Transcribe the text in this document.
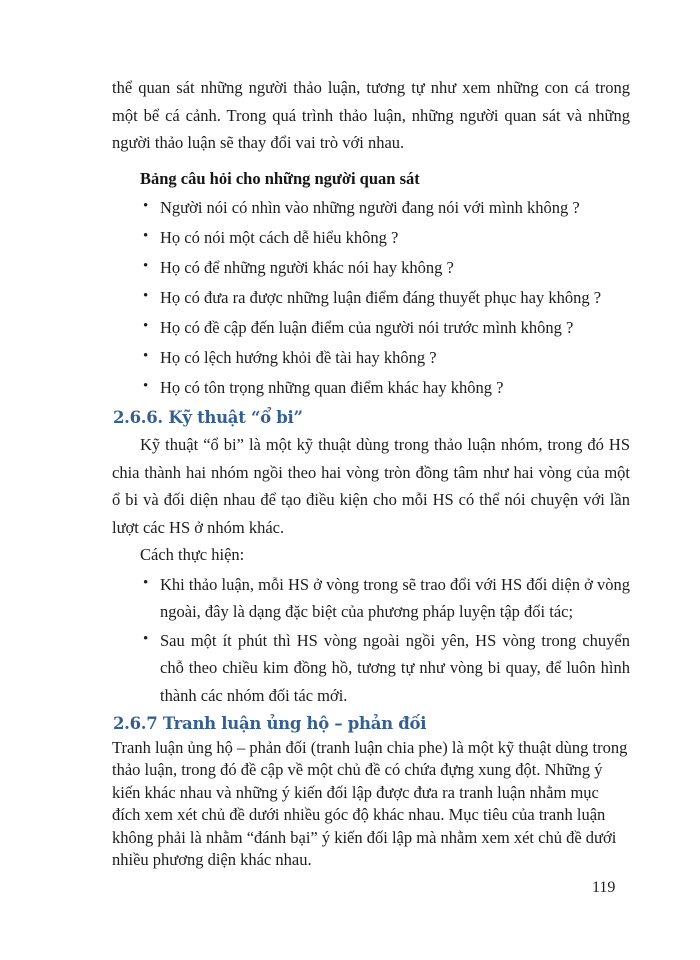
thể quan sát những người thảo luận, tương tự như xem những con cá trong một bể cá cảnh. Trong quá trình thảo luận, những người quan sát và những người thảo luận sẽ thay đổi vai trò với nhau.

Bảng câu hỏi cho những người quan sát
• Người nói có nhìn vào những người đang nói với mình không ?
• Họ có nói một cách dễ hiểu không ?
• Họ có để những người khác nói hay không ?
• Họ có đưa ra được những luận điểm đáng thuyết phục hay không ?
• Họ có đề cập đến luận điểm của người nói trước mình không ?
• Họ có lệch hướng khỏi đề tài hay không ?
• Họ có tôn trọng những quan điểm khác hay không ?
2.6.6. Kỹ thuật “ổ bi”

Kỹ thuật “ổ bi” là một kỹ thuật dùng trong thảo luận nhóm, trong đó HS chia thành hai nhóm ngồi theo hai vòng tròn đồng tâm như hai vòng của một ổ bi và đối diện nhau để tạo điều kiện cho mỗi HS có thể nói chuyện với lần lượt các HS ở nhóm khác.

Cách thực hiện:

• Khi thảo luận, mỗi HS ở vòng trong sẽ trao đổi với HS đối diện ở vòng ngoài, đây là dạng đặc biệt của phương pháp luyện tập đối tác;
• Sau một ít phút thì HS vòng ngoài ngồi yên, HS vòng trong chuyển chỗ theo chiều kim đồng hồ, tương tự như vòng bi quay, để luôn hình thành các nhóm đối tác mới.
2.6.7 Tranh luận ủng hộ – phản đối

Tranh luận ủng hộ – phản đối (tranh luận chia phe) là một kỹ thuật dùng trong thảo luận, trong đó đề cập về một chủ đề có chứa đựng xung đột. Những ý kiến khác nhau và những ý kiến đối lập được đưa ra tranh luận nhằm mục đích xem xét chủ đề dưới nhiều góc độ khác nhau. Mục tiêu của tranh luận không phải là nhằm “đánh bại” ý kiến đối lập mà nhằm xem xét chủ đề dưới nhiều phương diện khác nhau.

119
